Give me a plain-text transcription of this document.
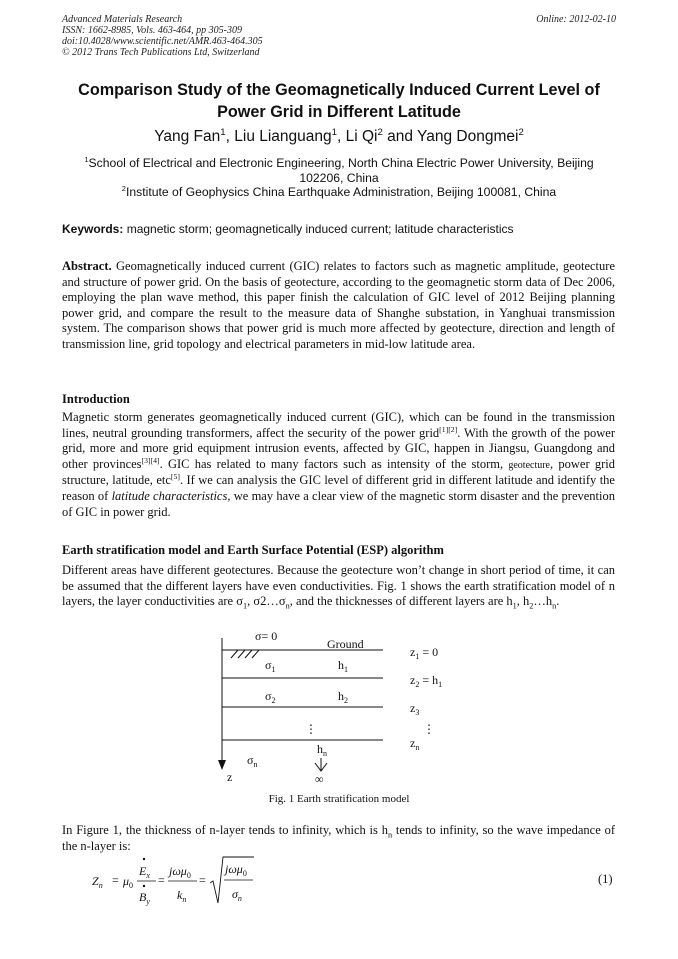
Advanced Materials Research
ISSN: 1662-8985, Vols. 463-464, pp 305-309
doi:10.4028/www.scientific.net/AMR.463-464.305
© 2012 Trans Tech Publications Ltd, Switzerland
Online: 2012-02-10
Comparison Study of the Geomagnetically Induced Current Level of
Power Grid in Different Latitude
Yang Fan$^1$, Liu Lianguang$^1$, Li Qi$^2$ and Yang Dongmei$^2$
$^1$School of Electrical and Electronic Engineering, North China Electric Power University, Beijing
102206, China
$^2$Institute of Geophysics China Earthquake Administration, Beijing 100081, China
Keywords: magnetic storm; geomagnetically induced current; latitude characteristics
Abstract. Geomagnetically induced current (GIC) relates to factors such as magnetic amplitude, geotecture and structure of power grid. On the basis of geotecture, according to the geomagnetic storm data of Dec 2006, employing the plan wave method, this paper finish the calculation of GIC level of 2012 Beijing planning power grid, and compare the result to the measure data of Shanghe substation, in Yanghuai transmission system. The comparison shows that power grid is much more affected by geotecture, direction and length of transmission line, grid topology and electrical parameters in mid-low latitude area.
Introduction
Magnetic storm generates geomagnetically induced current (GIC), which can be found in the transmission lines, neutral grounding transformers, affect the security of the power grid[1][2]. With the growth of the power grid, more and more grid equipment intrusion events, affected by GIC, happen in Jiangsu, Guangdong and other provinces[3][4]. GIC has related to many factors such as intensity of the storm, geotecture, power grid structure, latitude, etc[5]. If we can analysis the GIC level of different grid in different latitude and identify the reason of latitude characteristics, we may have a clear view of the magnetic storm disaster and the prevention of GIC in power grid.
Earth stratification model and Earth Surface Potential (ESP) algorithm
Different areas have different geotectures. Because the geotecture won’t change in short period of time, it can be assumed that the different layers have even conductivities. Fig. 1 shows the earth stratification model of n layers, the layer conductivities are $\sigma_1$, $\sigma 2\dots\sigma_n$, and the thicknesses of different layers are $h_1$, $h_2\dots h_n$.
σ= 0
Ground
$\sigma_1$	$h_1$
$\sigma_2$	$h_2$
⋮
$h_n$
$\sigma_n$
∞
z
$z_1 = 0$
$z_2 = h_1$
$z_3$
⋮
$z_n$
Fig. 1 Earth stratification model
In Figure 1, the thickness of n-layer tends to infinity, which is $h_n$ tends to infinity, so the wave impedance of the n-layer is:
$Z_n = \mu_0$
$E_x$
$B_y$
=
jωμ$_0$
$k_n$
=
jωμ$_0$
$\sigma_n$
(1)
